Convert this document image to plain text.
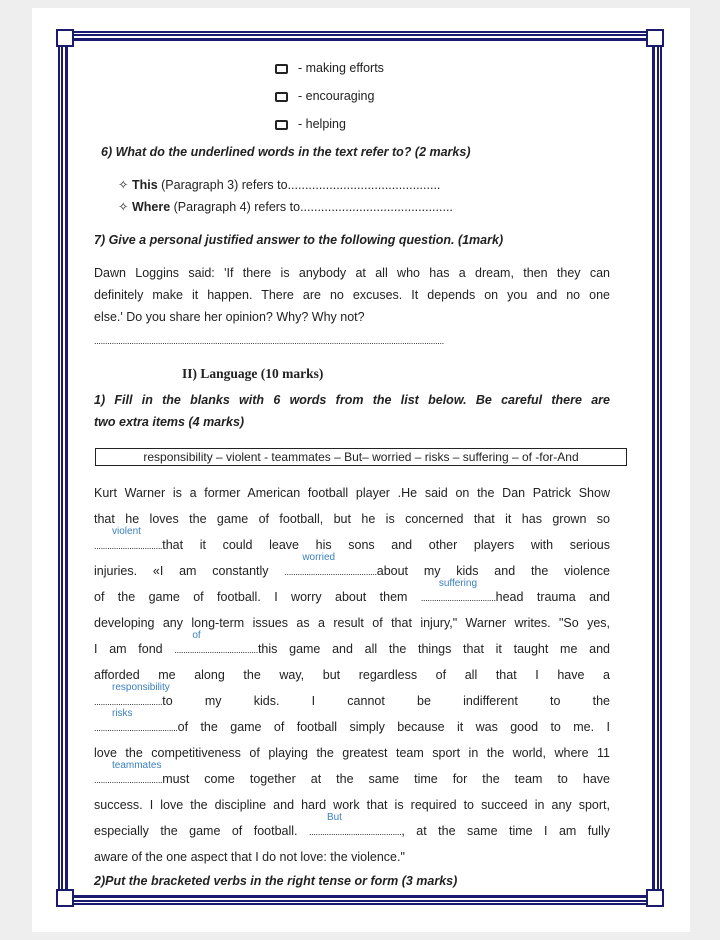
- making efforts
- encouraging
- helping
6) What do the underlined words in the text refer to? (2 marks)
✧ This (Paragraph 3) refers to............................................
✧ Where (Paragraph 4) refers to............................................
7) Give a personal justified answer to the following question. (1mark)
Dawn Loggins said: 'If there is anybody at all who has a dream, then they can
definitely make it happen. There are no excuses. It depends on you and no one
else.' Do you share her opinion? Why? Why not?
...............................................................................................................................................................
II) Language (10 marks)
1) Fill in the blanks with 6 words from the list below. Be careful there are
two extra items (4 marks)
responsibility – violent - teammates – But– worried – risks – suffering – of -for-And
Kurt Warner is a former American football player .He said on the Dan Patrick Show
that he loves the game of football, but he is concerned that it has grown so
...............................
violent
that it could leave his sons and other players with serious
injuries. «I am constantly ..........................................
worried
about my kids and the violence
of the game of football. I worry about them ..................................
suffering
head trauma and
developing any long-term issues as a result of that injury," Warner writes. "So yes,
I am fond ......................................
of
this game and all the things that it taught me and
afforded me along the way, but regardless of all that I have a
...............................
responsibility
to my kids. I cannot be indifferent to the
......................................
risks
of the game of football simply because it was good to me. I
love the competitiveness of playing the greatest team sport in the world, where 11
...............................
teammates
must come together at the same time for the team to have
success. I love the discipline and hard work that is required to succeed in any sport,
especially the game of football. ..........................................
But
, at the same time I am fully
aware of the one aspect that I do not love: the violence."
2)Put the bracketed verbs in the right tense or form (3 marks)
